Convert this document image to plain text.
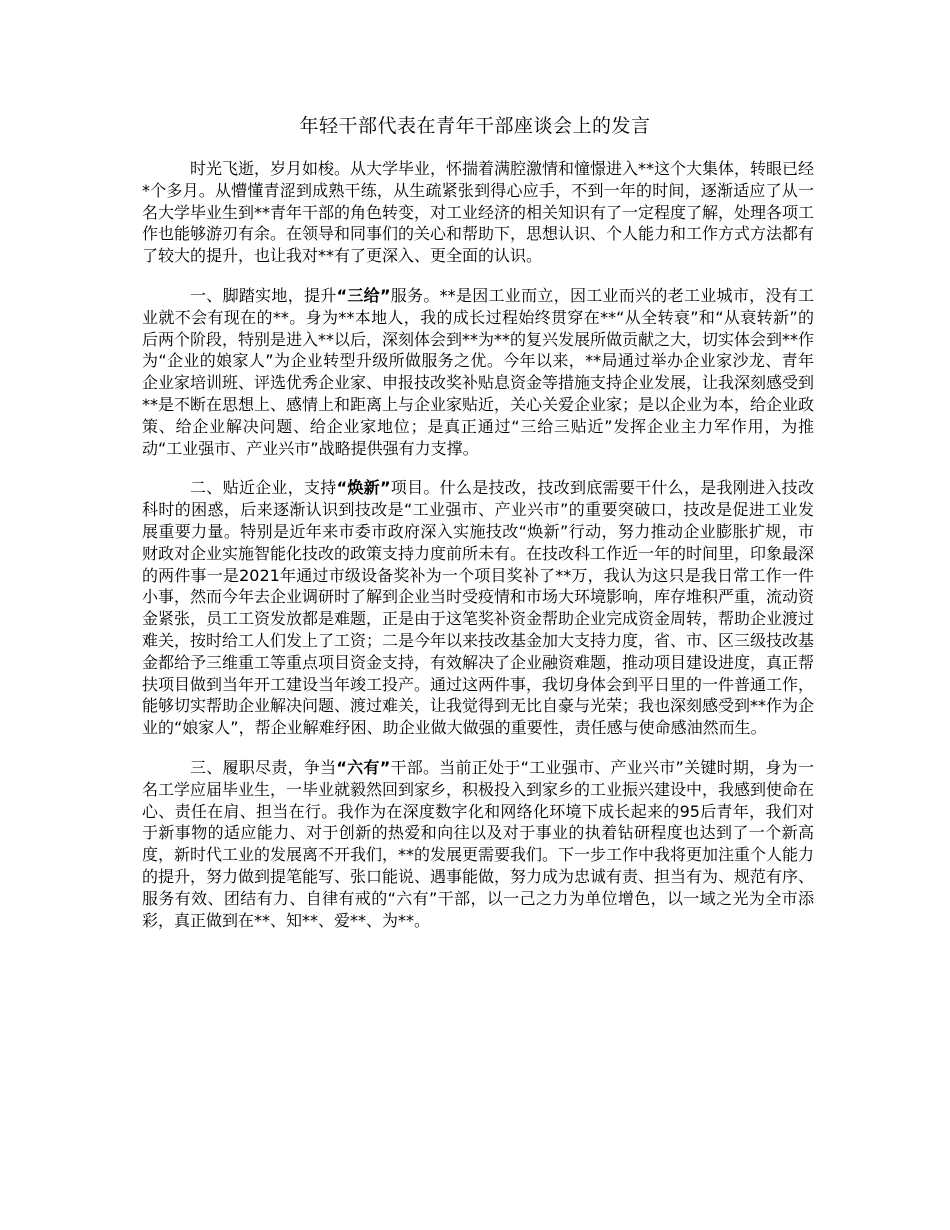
年轻干部代表在青年干部座谈会上的发言

时光飞逝，岁月如梭。从大学毕业，怀揣着满腔激情和憧憬进入**这个大集体，转眼已经*个多月。从懵懂青涩到成熟干练，从生疏紧张到得心应手，不到一年的时间，逐渐适应了从一名大学毕业生到**青年干部的角色转变，对工业经济的相关知识有了一定程度了解，处理各项工作也能够游刃有余。在领导和同事们的关心和帮助下，思想认识、个人能力和工作方式方法都有了较大的提升，也让我对**有了更深入、更全面的认识。

一、脚踏实地，提升“三给”服务。**是因工业而立，因工业而兴的老工业城市，没有工业就不会有现在的**。身为**本地人，我的成长过程始终贯穿在**“从全转衰”和“从衰转新”的后两个阶段，特别是进入**以后，深刻体会到**为**的复兴发展所做贡献之大，切实体会到**作为“企业的娘家人”为企业转型升级所做服务之优。今年以来，**局通过举办企业家沙龙、青年企业家培训班、评选优秀企业家、申报技改奖补贴息资金等措施支持企业发展，让我深刻感受到**是不断在思想上、感情上和距离上与企业家贴近，关心关爱企业家；是以企业为本，给企业政策、给企业解决问题、给企业家地位；是真正通过“三给三贴近”发挥企业主力军作用，为推动“工业强市、产业兴市”战略提供强有力支撑。

二、贴近企业，支持“焕新”项目。什么是技改，技改到底需要干什么，是我刚进入技改科时的困惑，后来逐渐认识到技改是“工业强市、产业兴市”的重要突破口，技改是促进工业发展重要力量。特别是近年来市委市政府深入实施技改“焕新”行动，努力推动企业膨胀扩规，市财政对企业实施智能化技改的政策支持力度前所未有。在技改科工作近一年的时间里，印象最深的两件事一是2021年通过市级设备奖补为一个项目奖补了**万，我认为这只是我日常工作一件小事，然而今年去企业调研时了解到企业当时受疫情和市场大环境影响，库存堆积严重，流动资金紧张，员工工资发放都是难题，正是由于这笔奖补资金帮助企业完成资金周转，帮助企业渡过难关，按时给工人们发上了工资；二是今年以来技改基金加大支持力度，省、市、区三级技改基金都给予三维重工等重点项目资金支持，有效解决了企业融资难题，推动项目建设进度，真正帮扶项目做到当年开工建设当年竣工投产。通过这两件事，我切身体会到平日里的一件普通工作，能够切实帮助企业解决问题、渡过难关，让我觉得到无比自豪与光荣；我也深刻感受到**作为企业的“娘家人”，帮企业解难纾困、助企业做大做强的重要性，责任感与使命感油然而生。

三、履职尽责，争当“六有”干部。当前正处于“工业强市、产业兴市”关键时期，身为一名工学应届毕业生，一毕业就毅然回到家乡，积极投入到家乡的工业振兴建设中，我感到使命在心、责任在肩、担当在行。我作为在深度数字化和网络化环境下成长起来的95后青年，我们对于新事物的适应能力、对于创新的热爱和向往以及对于事业的执着钻研程度也达到了一个新高度，新时代工业的发展离不开我们，**的发展更需要我们。下一步工作中我将更加注重个人能力的提升，努力做到提笔能写、张口能说、遇事能做，努力成为忠诚有责、担当有为、规范有序、服务有效、团结有力、自律有戒的“六有”干部，以一己之力为单位增色，以一域之光为全市添彩，真正做到在**、知**、爱**、为**。
